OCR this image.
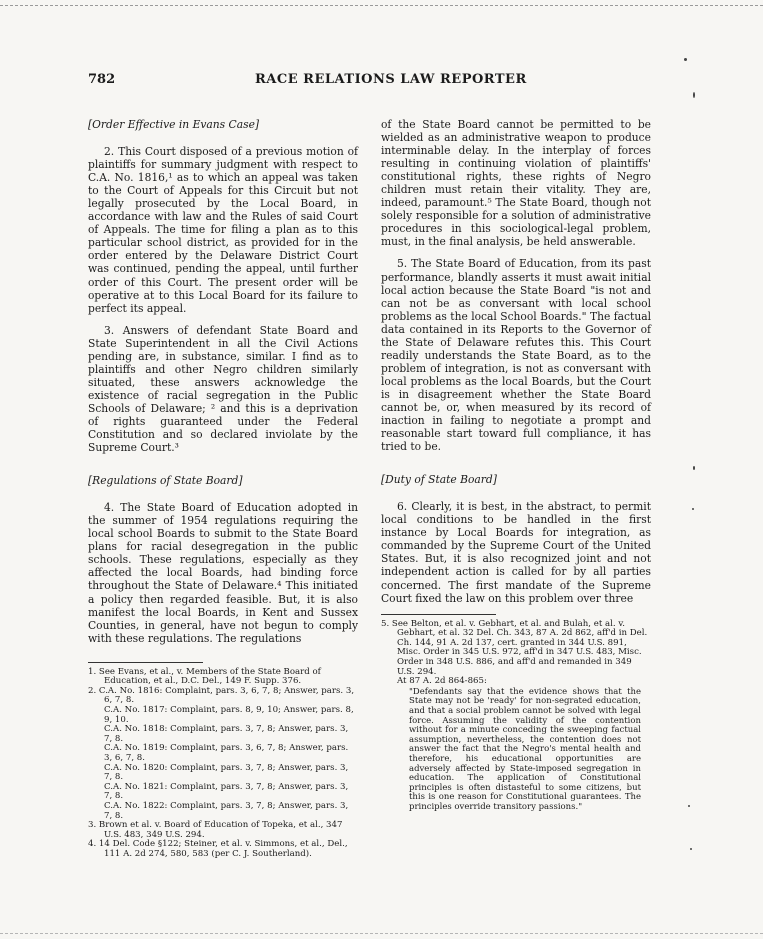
782	RACE RELATIONS LAW REPORTER

[Order Effective in Evans Case]

2. This Court disposed of a previous motion of plaintiffs for summary judgment with respect to C.A. No. 1816,¹ as to which an appeal was taken to the Court of Appeals for this Circuit but not legally prosecuted by the Local Board, in accordance with law and the Rules of said Court of Appeals. The time for filing a plan as to this particular school district, as provided for in the order entered by the Delaware District Court was continued, pending the appeal, until further order of this Court. The present order will be operative at to this Local Board for its failure to perfect its appeal.

3. Answers of defendant State Board and State Superintendent in all the Civil Actions pending are, in substance, similar. I find as to plaintiffs and other Negro children similarly situated, these answers acknowledge the existence of racial segregation in the Public Schools of Delaware; ² and this is a deprivation of rights guaranteed under the Federal Constitution and so declared inviolate by the Supreme Court.³

[Regulations of State Board]

4. The State Board of Education adopted in the summer of 1954 regulations requiring the local school Boards to submit to the State Board plans for racial desegregation in the public schools. These regulations, especially as they affected the local Boards, had binding force throughout the State of Delaware.⁴ This initiated a policy then regarded feasible. But, it is also manifest the local Boards, in Kent and Sussex Counties, in general, have not begun to comply with these regulations. The regulations

1. See Evans, et al., v. Members of the State Board of Education, et al., D.C. Del., 149 F. Supp. 376.

2. C.A. No. 1816: Complaint, pars. 3, 6, 7, 8; Answer, pars. 3, 6, 7, 8.

C.A. No. 1817: Complaint, pars. 8, 9, 10; Answer, pars. 8, 9, 10.

C.A. No. 1818: Complaint, pars. 3, 7, 8; Answer, pars. 3, 7, 8.

C.A. No. 1819: Complaint, pars. 3, 6, 7, 8; Answer, pars. 3, 6, 7, 8.

C.A. No. 1820: Complaint, pars. 3, 7, 8; Answer, pars. 3, 7, 8.

C.A. No. 1821: Complaint, pars. 3, 7, 8; Answer, pars. 3, 7, 8.

C.A. No. 1822: Complaint, pars. 3, 7, 8; Answer, pars. 3, 7, 8.

3. Brown et al. v. Board of Education of Topeka, et al., 347 U.S. 483, 349 U.S. 294.

4. 14 Del. Code §122; Steiner, et al. v. Simmons, et al., Del., 111 A. 2d 274, 580, 583 (per C. J. Southerland).

of the State Board cannot be permitted to be wielded as an administrative weapon to produce interminable delay. In the interplay of forces resulting in continuing violation of plaintiffs' constitutional rights, these rights of Negro children must retain their vitality. They are, indeed, paramount.⁵ The State Board, though not solely responsible for a solution of administrative procedures in this sociological-legal problem, must, in the final analysis, be held answerable.

5. The State Board of Education, from its past performance, blandly asserts it must await initial local action because the State Board "is not and can not be as conversant with local school problems as the local School Boards." The factual data contained in its Reports to the Governor of the State of Delaware refutes this. This Court readily understands the State Board, as to the problem of integration, is not as conversant with local problems as the local Boards, but the Court is in disagreement whether the State Board cannot be, or, when measured by its record of inaction in failing to negotiate a prompt and reasonable start toward full compliance, it has tried to be.

[Duty of State Board]

6. Clearly, it is best, in the abstract, to permit local conditions to be handled in the first instance by Local Boards for integration, as commanded by the Supreme Court of the United States. But, it is also recognized joint and not independent action is called for by all parties concerned. The first mandate of the Supreme Court fixed the law on this problem over three

5. See Belton, et al. v. Gebhart, et al. and Bulah, et al. v. Gebhart, et al. 32 Del. Ch. 343, 87 A. 2d 862, aff'd in Del. Ch. 144, 91 A. 2d 137, cert. granted in 344 U.S. 891, Misc. Order in 345 U.S. 972, aff'd in 347 U.S. 483, Misc. Order in 348 U.S. 886, and aff'd and remanded in 349 U.S. 294.

At 87 A. 2d 864-865:

"Defendants say that the evidence shows that the State may not be 'ready' for non-segrated education, and that a social problem cannot be solved with legal force. Assuming the validity of the contention without for a minute conceding the sweeping factual assumption, nevertheless, the contention does not answer the fact that the Negro's mental health and therefore, his educational opportunities are adversely affected by State-imposed segregation in education. The application of Constitutional principles is often distasteful to some citizens, but this is one reason for Constitutional guarantees. The principles override transitory passions."
